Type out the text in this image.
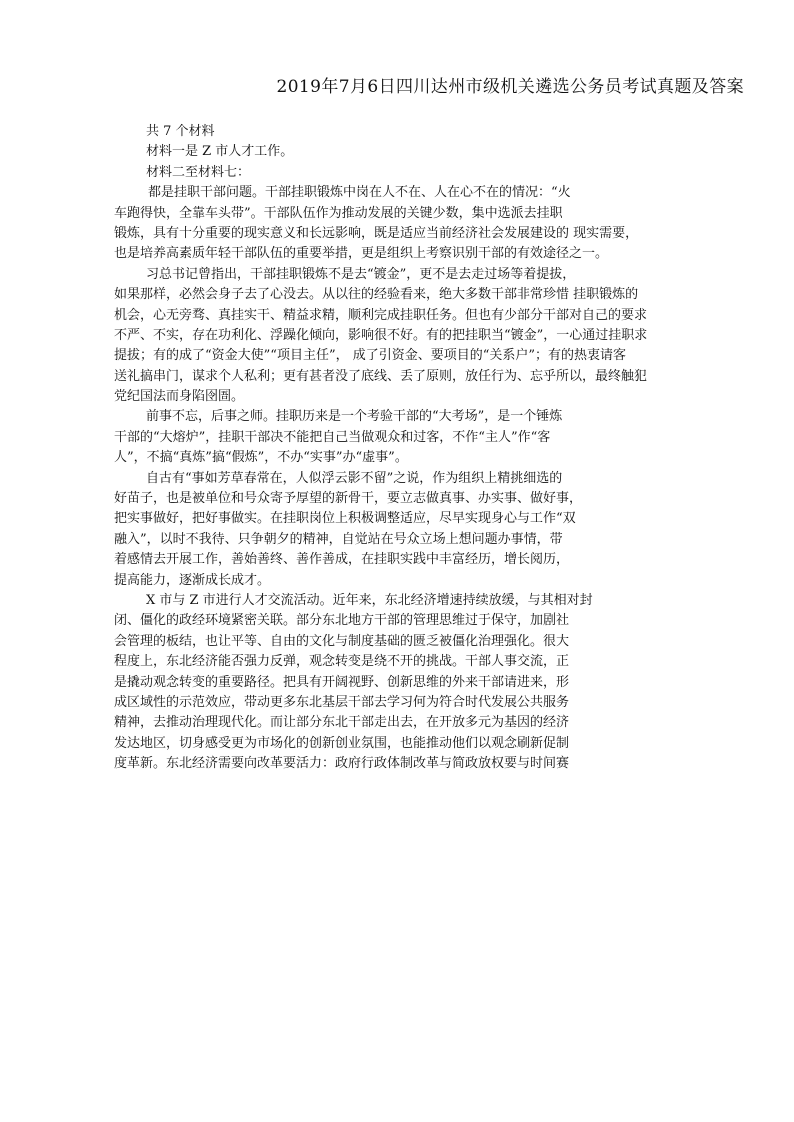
2019年7月6日四川达州市级机关遴选公务员考试真题及答案
共 7 个材料
材料一是 Z 市人才工作。
材料二至材料七：
都是挂职干部问题。干部挂职锻炼中岗在人不在、人在心不在的情况：“火
车跑得快，全靠车头带”。干部队伍作为推动发展的关键少数，集中选派去挂职
锻炼，具有十分重要的现实意义和长远影响，既是适应当前经济社会发展建设的 现实需要，
也是培养高素质年轻干部队伍的重要举措，更是组织上考察识别干部的有效途径之一。
习总书记曾指出，干部挂职锻炼不是去“镀金”，更不是去走过场等着提拔，
如果那样，必然会身子去了心没去。从以往的经验看来，绝大多数干部非常珍惜 挂职锻炼的
机会，心无旁骛、真挂实干、精益求精，顺利完成挂职任务。但也有少部分干部对自己的要求
不严、不实，存在功利化、浮躁化倾向，影响很不好。有的把挂职当“镀金”，一心通过挂职求
提拔；有的成了“资金大使”“项目主任”， 成了引资金、要项目的“关系户”；有的热衷请客
送礼搞串门，谋求个人私利；更有甚者没了底线、丢了原则，放任行为、忘乎所以，最终触犯
党纪国法而身陷囹圄。
前事不忘，后事之师。挂职历来是一个考验干部的“大考场”，是一个锤炼
干部的“大熔炉”，挂职干部决不能把自己当做观众和过客，不作“主人”作“客
人”，不搞“真炼”搞“假炼”，不办“实事”办“虚事”。
自古有“事如芳草春常在，人似浮云影不留”之说，作为组织上精挑细选的
好苗子，也是被单位和号众寄予厚望的新骨干，要立志做真事、办实事、做好事，
把实事做好，把好事做实。在挂职岗位上积极调整适应，尽早实现身心与工作“双
融入”，以时不我待、只争朝夕的精神，自觉站在号众立场上想问题办事情，带
着感情去开展工作，善始善终、善作善成，在挂职实践中丰富经历，增长阅历，
提高能力，逐渐成长成才。
X 市与 Z 市进行人才交流活动。近年来，东北经济增速持续放缓，与其相对封
闭、僵化的政经环境紧密关联。部分东北地方干部的管理思维过于保守，加剧社
会管理的板结，也让平等、自由的文化与制度基础的匮乏被僵化治理强化。很大
程度上，东北经济能否强力反弹，观念转变是绕不开的挑战。干部人事交流，正
是撬动观念转变的重要路径。把具有开阔视野、创新思维的外来干部请进来，形
成区域性的示范效应，带动更多东北基层干部去学习何为符合时代发展公共服务
精神，去推动治理现代化。而让部分东北干部走出去，在开放多元为基因的经济
发达地区，切身感受更为市场化的创新创业氛围，也能推动他们以观念刷新促制
度革新。东北经济需要向改革要活力：政府行政体制改革与简政放权要与时间赛
